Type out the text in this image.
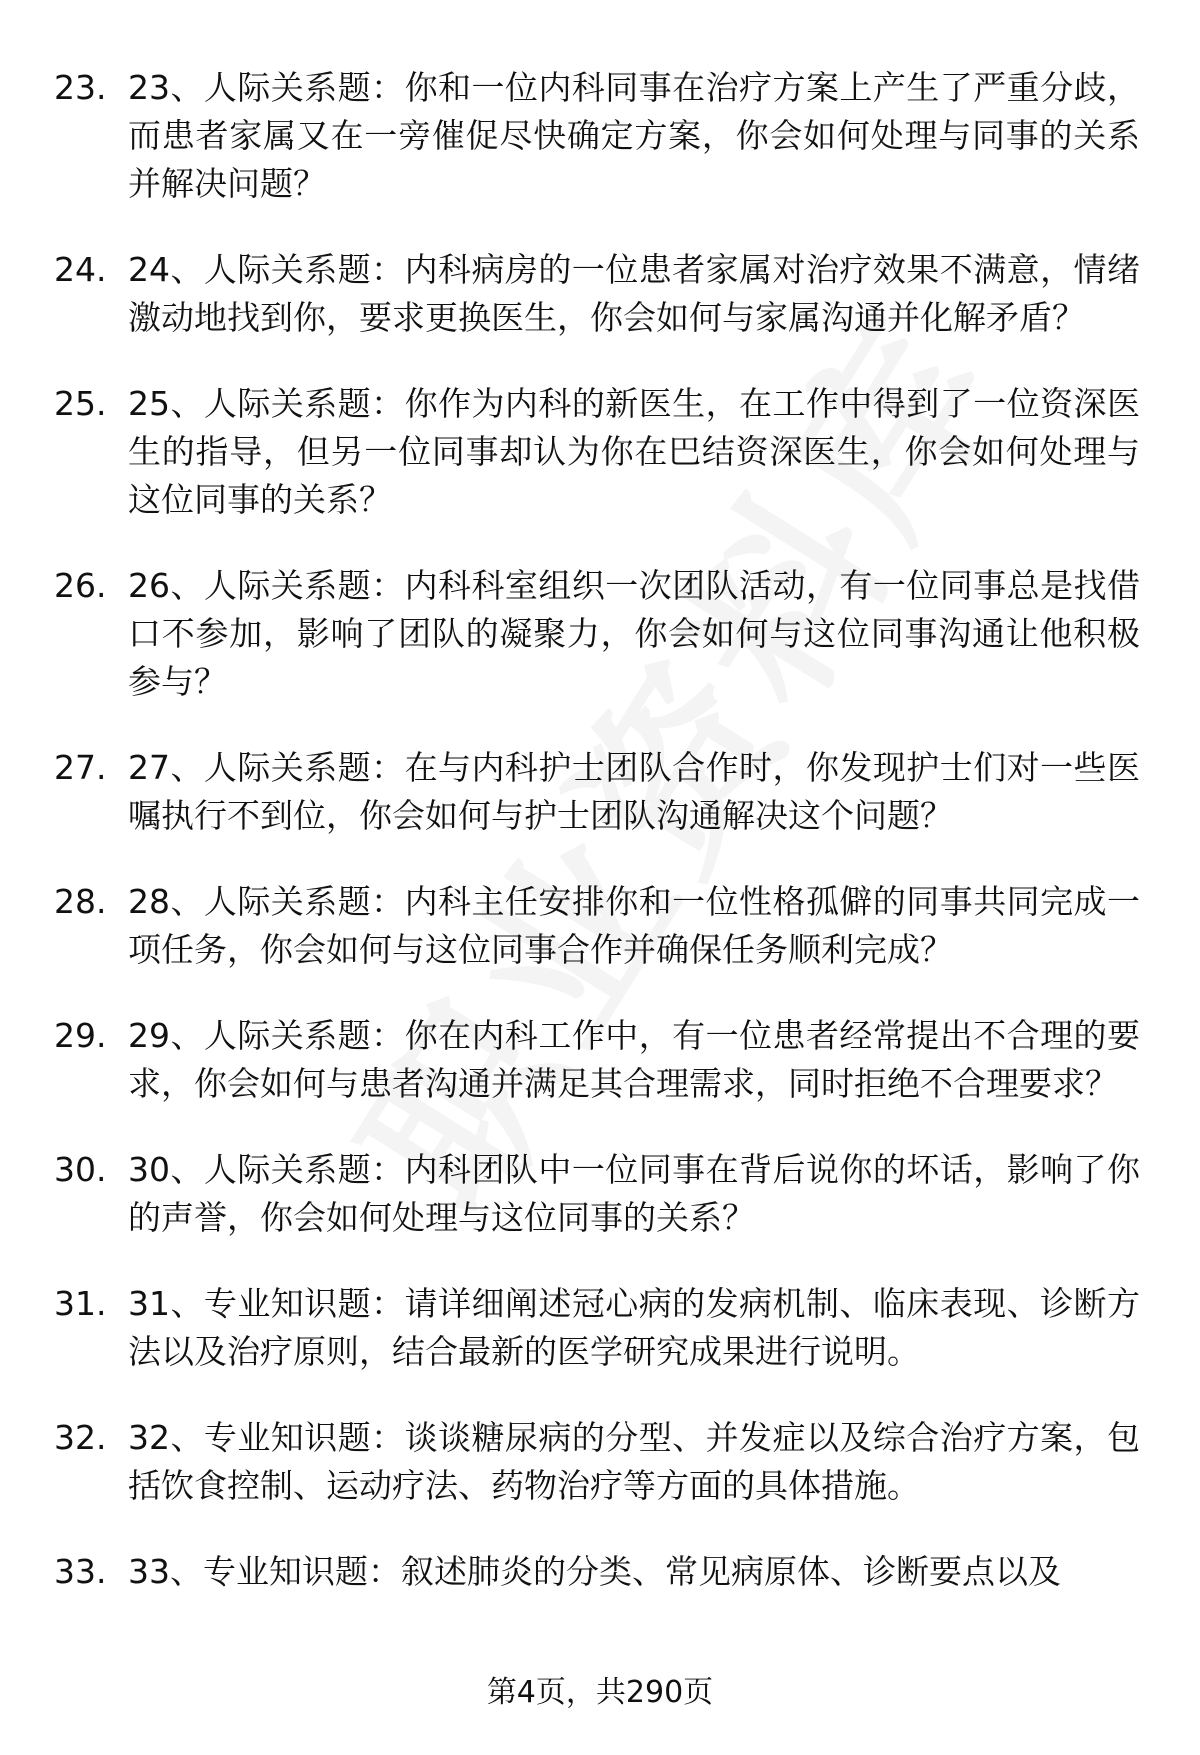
23. 23、人际关系题：你和一位内科同事在治疗方案上产生了严重分歧，而患者家属又在一旁催促尽快确定方案，你会如何处理与同事的关系并解决问题？
24. 24、人际关系题：内科病房的一位患者家属对治疗效果不满意，情绪激动地找到你，要求更换医生，你会如何与家属沟通并化解矛盾？
25. 25、人际关系题：你作为内科的新医生，在工作中得到了一位资深医生的指导，但另一位同事却认为你在巴结资深医生，你会如何处理与这位同事的关系？
26. 26、人际关系题：内科科室组织一次团队活动，有一位同事总是找借口不参加，影响了团队的凝聚力，你会如何与这位同事沟通让他积极参与？
27. 27、人际关系题：在与内科护士团队合作时，你发现护士们对一些医嘱执行不到位，你会如何与护士团队沟通解决这个问题？
28. 28、人际关系题：内科主任安排你和一位性格孤僻的同事共同完成一项任务，你会如何与这位同事合作并确保任务顺利完成？
29. 29、人际关系题：你在内科工作中，有一位患者经常提出不合理的要求，你会如何与患者沟通并满足其合理需求，同时拒绝不合理要求？
30. 30、人际关系题：内科团队中一位同事在背后说你的坏话，影响了你的声誉，你会如何处理与这位同事的关系？
31. 31、专业知识题：请详细阐述冠心病的发病机制、临床表现、诊断方法以及治疗原则，结合最新的医学研究成果进行说明。
32. 32、专业知识题：谈谈糖尿病的分型、并发症以及综合治疗方案，包括饮食控制、运动疗法、药物治疗等方面的具体措施。
33. 33、专业知识题：叙述肺炎的分类、常见病原体、诊断要点以及
第4页，共290页
